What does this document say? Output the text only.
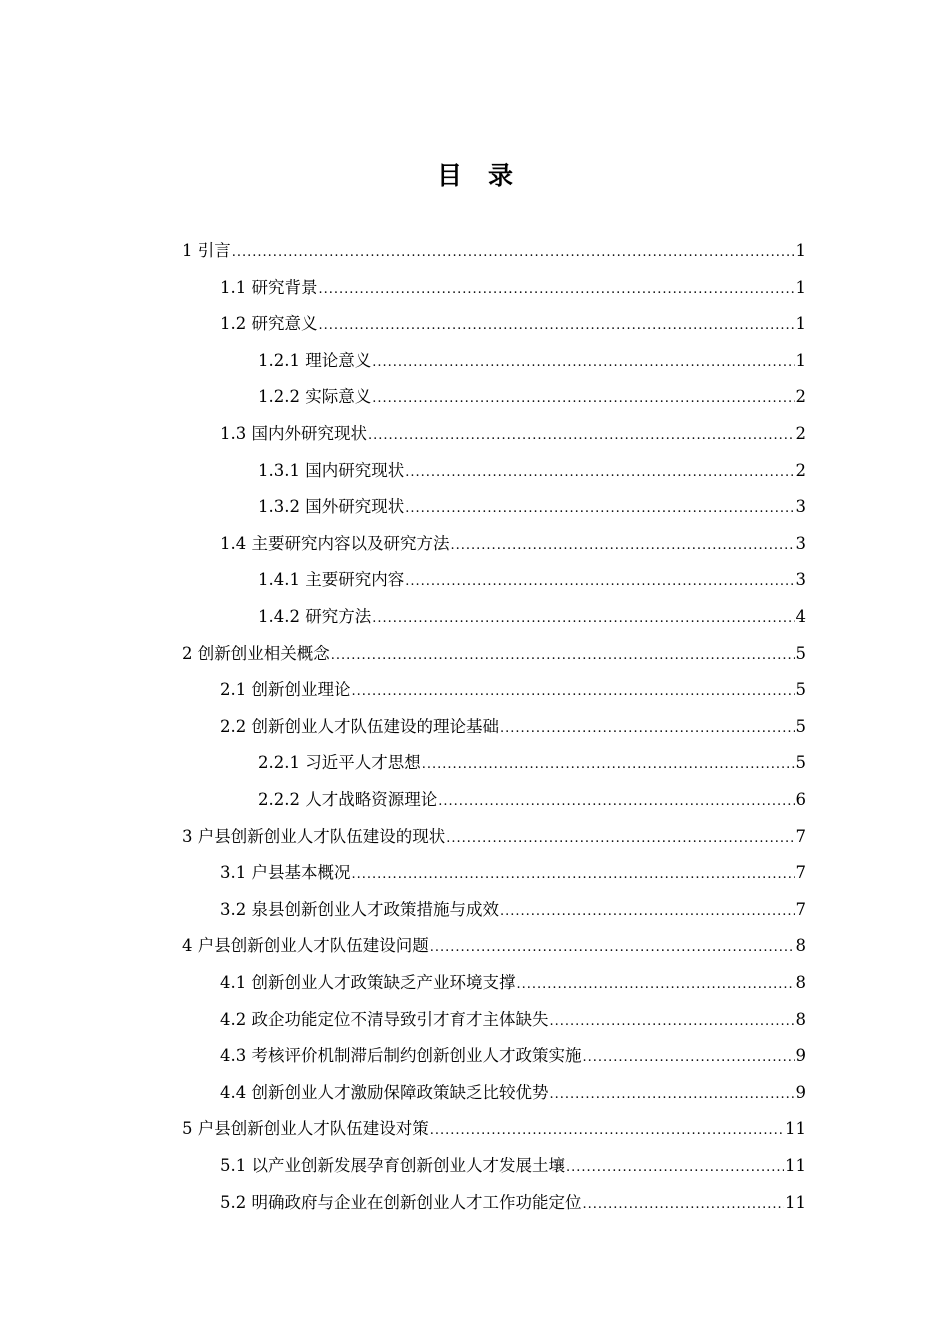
目 录
1 引言 .....	1
1.1 研究背景 .....	1
1.2 研究意义 .....	1
1.2.1 理论意义 .....	1
1.2.2 实际意义 .....	2
1.3 国内外研究现状 .....	2
1.3.1 国内研究现状 .....	2
1.3.2 国外研究现状 .....	3
1.4 主要研究内容以及研究方法 .....	3
1.4.1 主要研究内容 .....	3
1.4.2 研究方法 .....	4
2 创新创业相关概念 .....	5
2.1 创新创业理论 .....	5
2.2 创新创业人才队伍建设的理论基础 .....	5
2.2.1 习近平人才思想 .....	5
2.2.2 人才战略资源理论 .....	6
3 户县创新创业人才队伍建设的现状 .....	7
3.1 户县基本概况 .....	7
3.2 泉县创新创业人才政策措施与成效 .....	7
4 户县创新创业人才队伍建设问题 .....	8
4.1 创新创业人才政策缺乏产业环境支撑 .....	8
4.2 政企功能定位不清导致引才育才主体缺失 .....	8
4.3 考核评价机制滞后制约创新创业人才政策实施 .....	9
4.4 创新创业人才激励保障政策缺乏比较优势 .....	9
5 户县创新创业人才队伍建设对策 .....	11
5.1 以产业创新发展孕育创新创业人才发展土壤 .....	11
5.2 明确政府与企业在创新创业人才工作功能定位 .....	11
